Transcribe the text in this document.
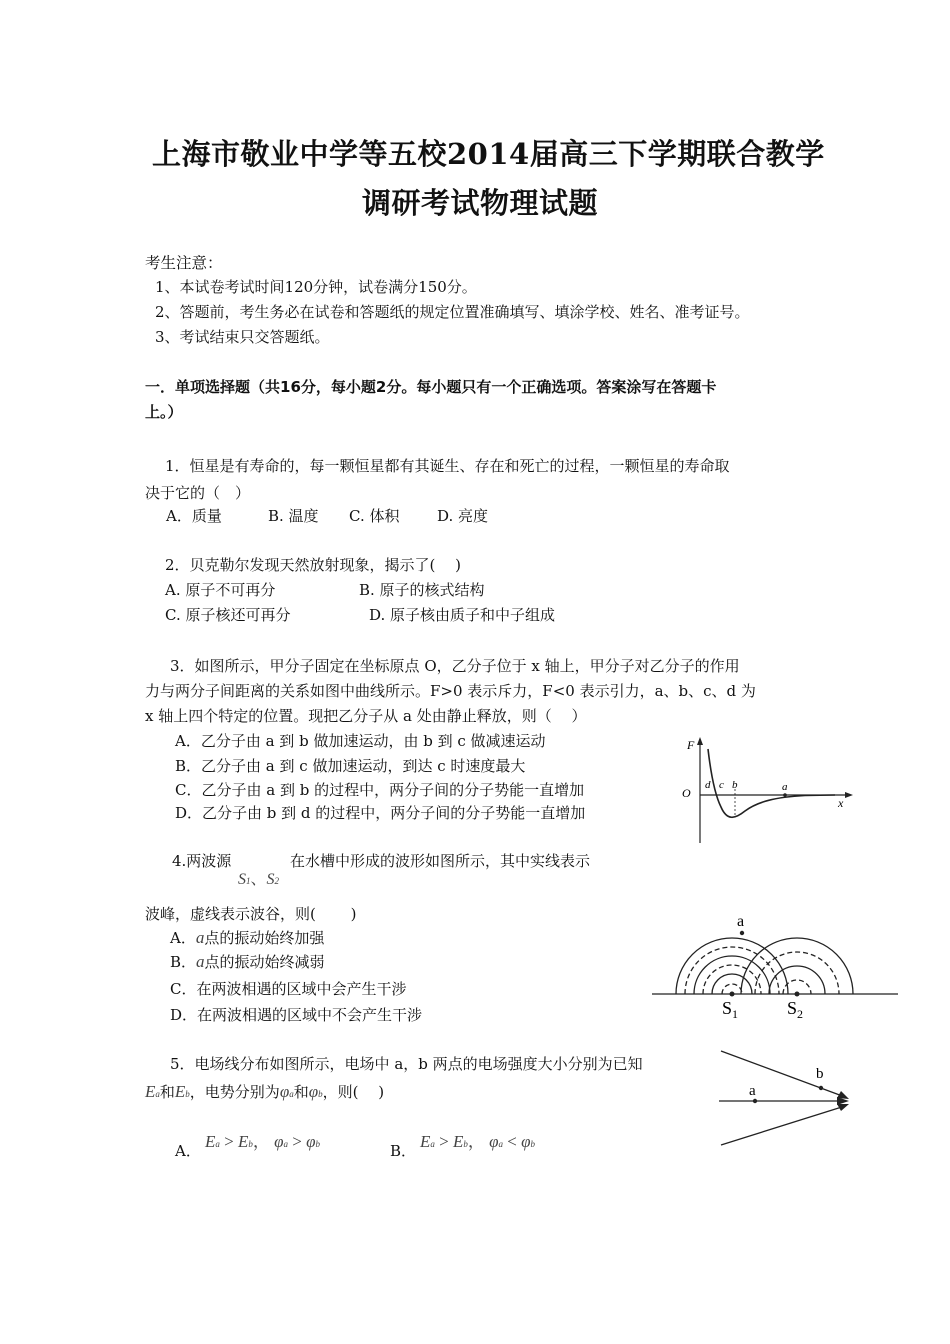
上海市敬业中学等五校2014届高三下学期联合教学
调研考试物理试题
考生注意：
1、本试卷考试时间120分钟，试卷满分150分。
2、答题前，考生务必在试卷和答题纸的规定位置准确填写、填涂学校、姓名、准考证号。
3、考试结束只交答题纸。
一．单项选择题（共16分，每小题2分。每小题只有一个正确选项。答案涂写在答题卡
上。）
1．恒星是有寿命的，每一颗恒星都有其诞生、存在和死亡的过程，一颗恒星的寿命取
决于它的（　）
A．质量	B. 温度 C. 体积	D. 亮度
2．贝克勒尔发现天然放射现象，揭示了(　 )
A. 原子不可再分	B. 原子的核式结构
C. 原子核还可再分	D. 原子核由质子和中子组成
3．如图所示，甲分子固定在坐标原点 O，乙分子位于 x 轴上，甲分子对乙分子的作用
力与两分子间距离的关系如图中曲线所示。F>0 表示斥力，F<0 表示引力，a、b、c、d 为
x 轴上四个特定的位置。现把乙分子从 a 处由静止释放，则（　 ）
A．乙分子由 a 到 b 做加速运动，由 b 到 c 做减速运动
B．乙分子由 a 到 c 做加速运动，到达 c 时速度最大
C．乙分子由 a 到 b 的过程中，两分子间的分子势能一直增加
D．乙分子由 b 到 d 的过程中，两分子间的分子势能一直增加
F
O
x
d c b	a
4.两波源
S1、S2
在水槽中形成的波形如图所示，其中实线表示
波峰，虚线表示波谷，则(　　 )
A．a点的振动始终加强
B．a点的振动始终减弱
C．在两波相遇的区域中会产生干涉
D．在两波相遇的区域中不会产生干涉
a
$S_1$	$S_2$
5．电场线分布如图所示，电场中 a，b 两点的电场强度大小分别为已知
Ea和Eb，电势分别为φa和φb，则(　 )
A． Ea > Eb， φa > φb	B． Ea > Eb， φa < φb
a
b
